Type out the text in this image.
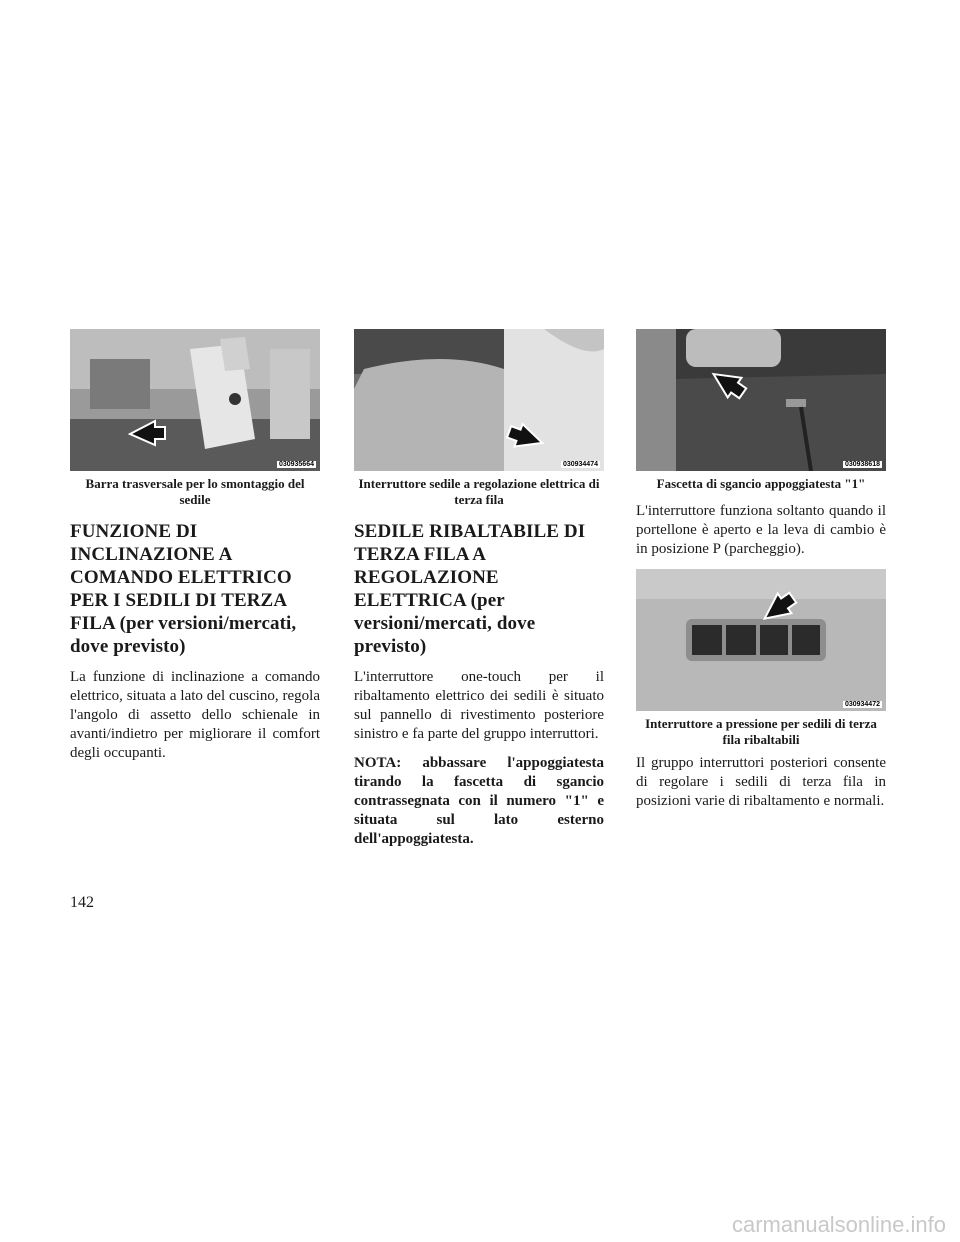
030935664
Barra trasversale per lo smontaggio del sedile
FUNZIONE DI INCLINAZIONE A COMANDO ELETTRICO PER I SEDILI DI TERZA FILA (per versioni/mercati, dove previsto)

La funzione di inclinazione a comando elettrico, situata a lato del cuscino, regola l'angolo di assetto dello schienale in avanti/indietro per migliorare il comfort degli occupanti.

030934474
Interruttore sedile a regolazione elettrica di terza fila
SEDILE RIBALTABILE DI TERZA FILA A REGOLAZIONE ELETTRICA (per versioni/mercati, dove previsto)

L'interruttore one-touch per il ribaltamento elettrico dei sedili è situato sul pannello di rivestimento posteriore sinistro e fa parte del gruppo interruttori.

NOTA: abbassare l'appoggiatesta tirando la fascetta di sgancio contrassegnata con il numero "1" e situata sul lato esterno dell'appoggiatesta.

030938618
Fascetta di sgancio appoggiatesta "1"

L'interruttore funziona soltanto quando il portellone è aperto e la leva di cambio è in posizione P (parcheggio).

030934472
Interruttore a pressione per sedili di terza fila ribaltabili

Il gruppo interruttori posteriori consente di regolare i sedili di terza fila in posizioni varie di ribaltamento e normali.

142
carmanualsonline.info
